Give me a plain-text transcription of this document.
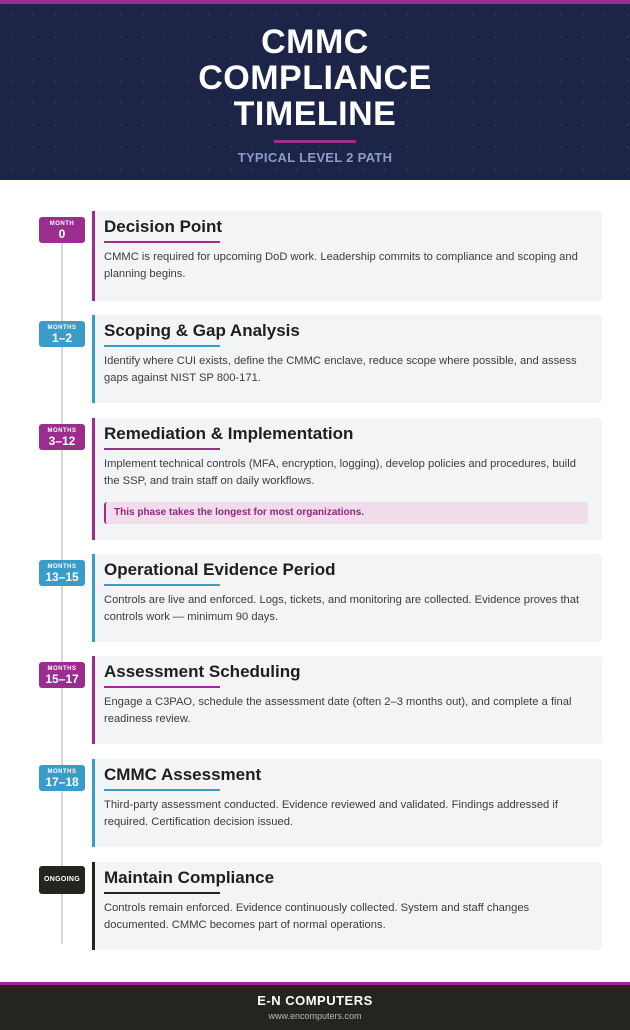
CMMC
COMPLIANCE
TIMELINE
TYPICAL LEVEL 2 PATH
MONTH
0	Decision Point
CMMC is required for upcoming DoD work. Leadership commits to compliance and scoping and planning begins.
MONTHS
1–2	Scoping & Gap Analysis
Identify where CUI exists, define the CMMC enclave, reduce scope where possible, and assess gaps against NIST SP 800-171.
MONTHS
3–12	Remediation & Implementation
Implement technical controls (MFA, encryption, logging), develop policies and procedures, build the SSP, and train staff on daily workflows.
This phase takes the longest for most organizations.
MONTHS
13–15	Operational Evidence Period
Controls are live and enforced. Logs, tickets, and monitoring are collected. Evidence proves that controls work — minimum 90 days.
MONTHS
15–17	Assessment Scheduling
Engage a C3PAO, schedule the assessment date (often 2–3 months out), and complete a final readiness review.
MONTHS
17–18	CMMC Assessment
Third-party assessment conducted. Evidence reviewed and validated. Findings addressed if required. Certification decision issued.
ONGOING Maintain Compliance
Controls remain enforced. Evidence continuously collected. System and staff changes documented. CMMC becomes part of normal operations.
E-N COMPUTERS
www.encomputers.com
